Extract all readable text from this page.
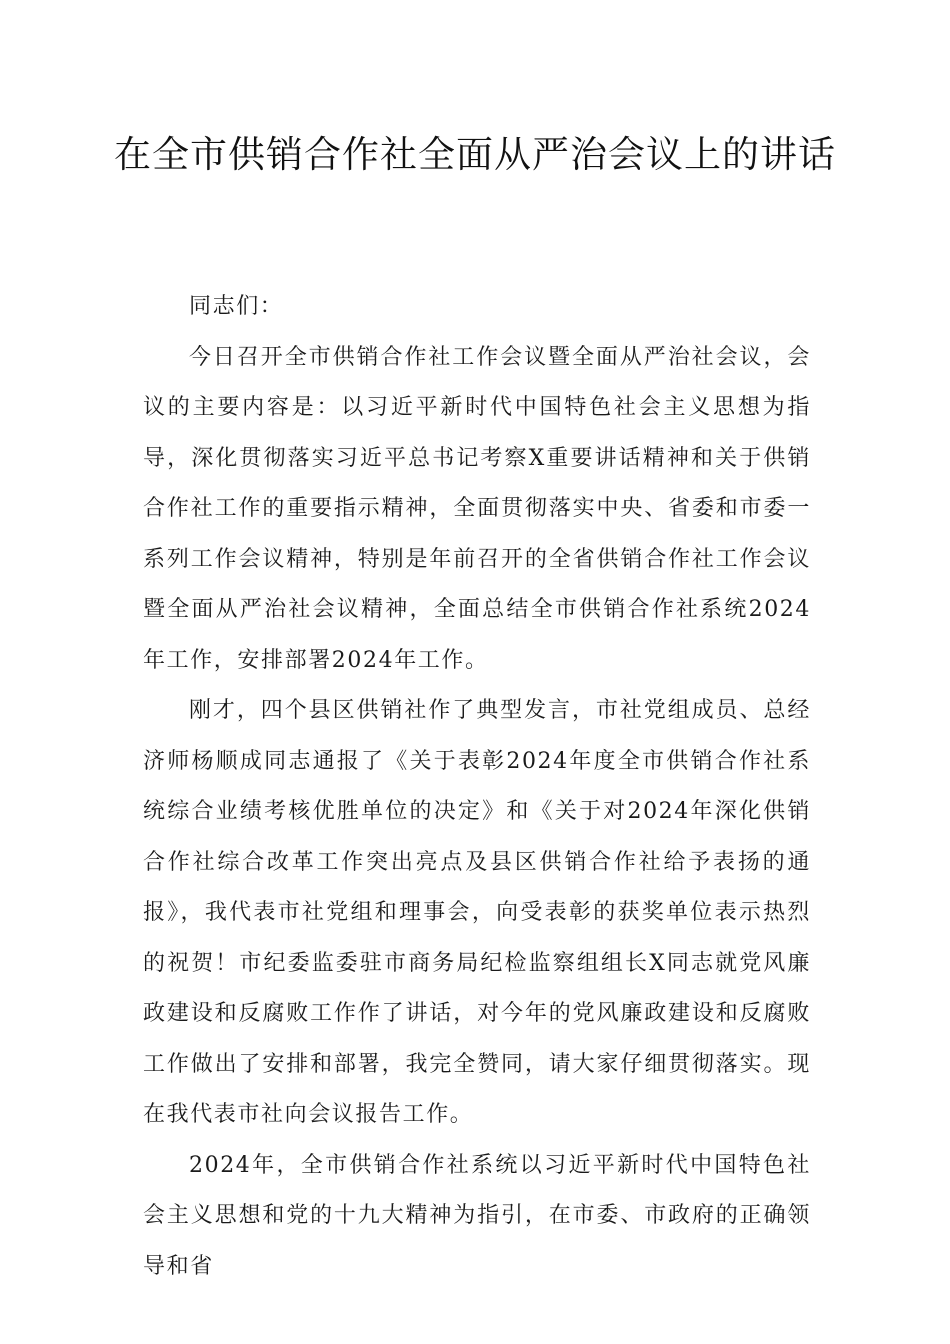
在全市供销合作社全面从严治会议上的讲话

同志们：

今日召开全市供销合作社工作会议暨全面从严治社会议，会议的主要内容是：以习近平新时代中国特色社会主义思想为指导，深化贯彻落实习近平总书记考察X重要讲话精神和关于供销合作社工作的重要指示精神，全面贯彻落实中央、省委和市委一系列工作会议精神，特别是年前召开的全省供销合作社工作会议暨全面从严治社会议精神，全面总结全市供销合作社系统2024年工作，安排部署2024年工作。

刚才，四个县区供销社作了典型发言，市社党组成员、总经济师杨顺成同志通报了《关于表彰2024年度全市供销合作社系统综合业绩考核优胜单位的决定》和《关于对2024年深化供销合作社综合改革工作突出亮点及县区供销合作社给予表扬的通报》，我代表市社党组和理事会，向受表彰的获奖单位表示热烈的祝贺！市纪委监委驻市商务局纪检监察组组长X同志就党风廉政建设和反腐败工作作了讲话，对今年的党风廉政建设和反腐败工作做出了安排和部署，我完全赞同，请大家仔细贯彻落实。现在我代表市社向会议报告工作。

2024年，全市供销合作社系统以习近平新时代中国特色社会主义思想和党的十九大精神为指引，在市委、市政府的正确领导和省
